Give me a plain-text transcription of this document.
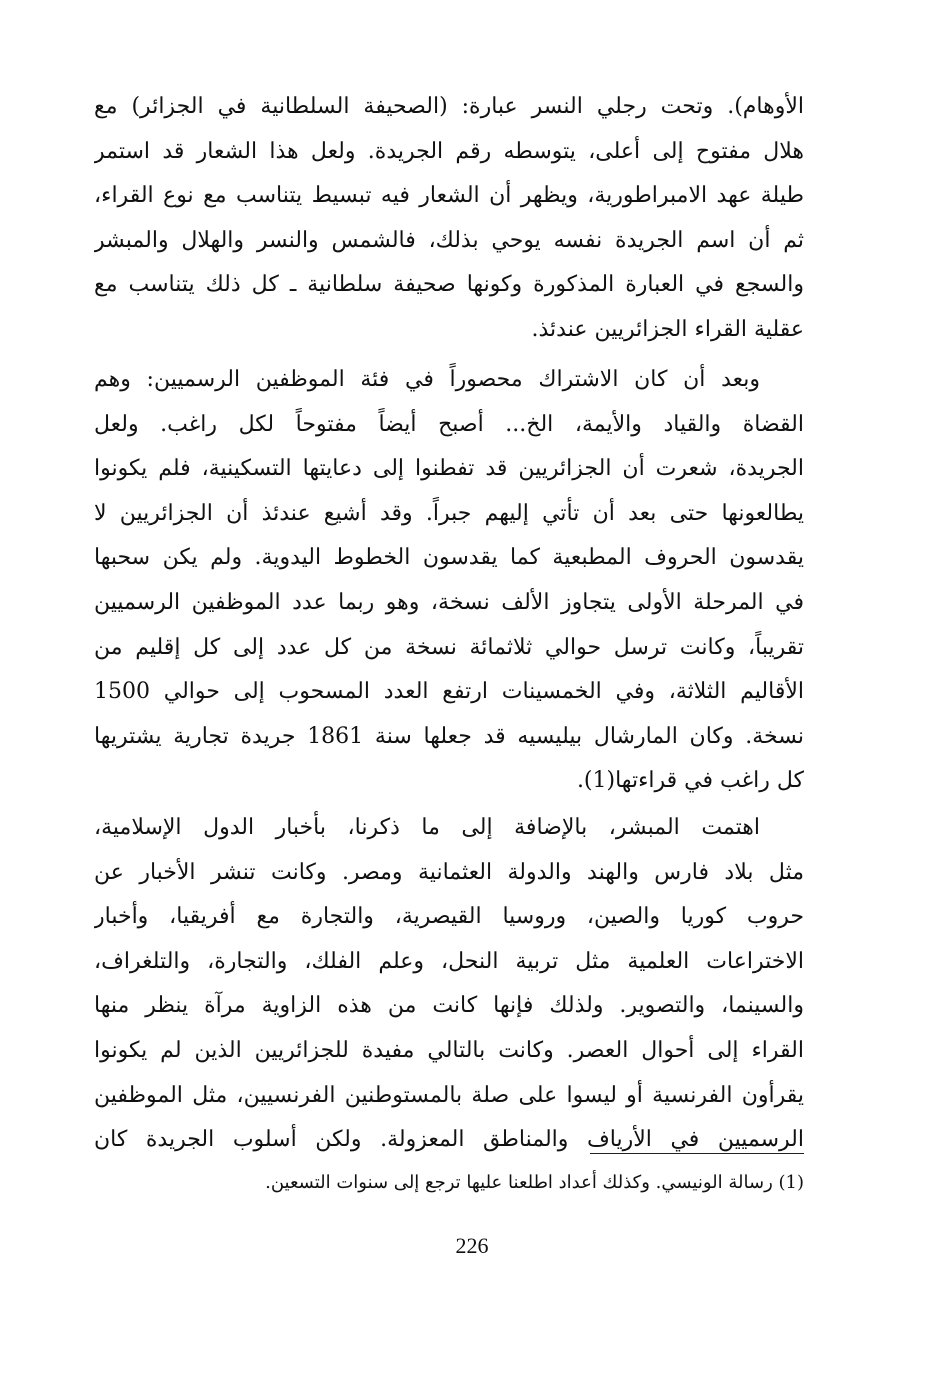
الأوهام). وتحت رجلي النسر عبارة: (الصحيفة السلطانية في الجزائر) مع
هلال مفتوح إلى أعلى، يتوسطه رقم الجريدة. ولعل هذا الشعار قد استمر
طيلة عهد الامبراطورية، ويظهر أن الشعار فيه تبسيط يتناسب مع نوع القراء،
ثم أن اسم الجريدة نفسه يوحي بذلك، فالشمس والنسر والهلال والمبشر
والسجع في العبارة المذكورة وكونها صحيفة سلطانية ـ كل ذلك يتناسب مع
عقلية القراء الجزائريين عندئذ.
وبعد أن كان الاشتراك محصوراً في فئة الموظفين الرسميين: وهم
القضاة والقياد والأيمة، الخ... أصبح أيضاً مفتوحاً لكل راغب. ولعل
الجريدة، شعرت أن الجزائريين قد تفطنوا إلى دعايتها التسكينية، فلم يكونوا
يطالعونها حتى بعد أن تأتي إليهم جبراً. وقد أشيع عندئذ أن الجزائريين لا
يقدسون الحروف المطبعية كما يقدسون الخطوط اليدوية. ولم يكن سحبها
في المرحلة الأولى يتجاوز الألف نسخة، وهو ربما عدد الموظفين الرسميين
تقريباً، وكانت ترسل حوالي ثلاثمائة نسخة من كل عدد إلى كل إقليم من
الأقاليم الثلاثة، وفي الخمسينات ارتفع العدد المسحوب إلى حوالي 1500
نسخة. وكان المارشال بيليسيه قد جعلها سنة 1861 جريدة تجارية يشتريها
كل راغب في قراءتها(1).
اهتمت المبشر، بالإضافة إلى ما ذكرنا، بأخبار الدول الإسلامية،
مثل بلاد فارس والهند والدولة العثمانية ومصر. وكانت تنشر الأخبار عن
حروب كوريا والصين، وروسيا القيصرية، والتجارة مع أفريقيا، وأخبار
الاختراعات العلمية مثل تربية النحل، وعلم الفلك، والتجارة، والتلغراف،
والسينما، والتصوير. ولذلك فإنها كانت من هذه الزاوية مرآة ينظر منها
القراء إلى أحوال العصر. وكانت بالتالي مفيدة للجزائريين الذين لم يكونوا
يقرأون الفرنسية أو ليسوا على صلة بالمستوطنين الفرنسيين، مثل الموظفين
الرسميين في الأرياف والمناطق المعزولة. ولكن أسلوب الجريدة كان
(1) رسالة الونيسي. وكذلك أعداد اطلعنا عليها ترجع إلى سنوات التسعين.
226
